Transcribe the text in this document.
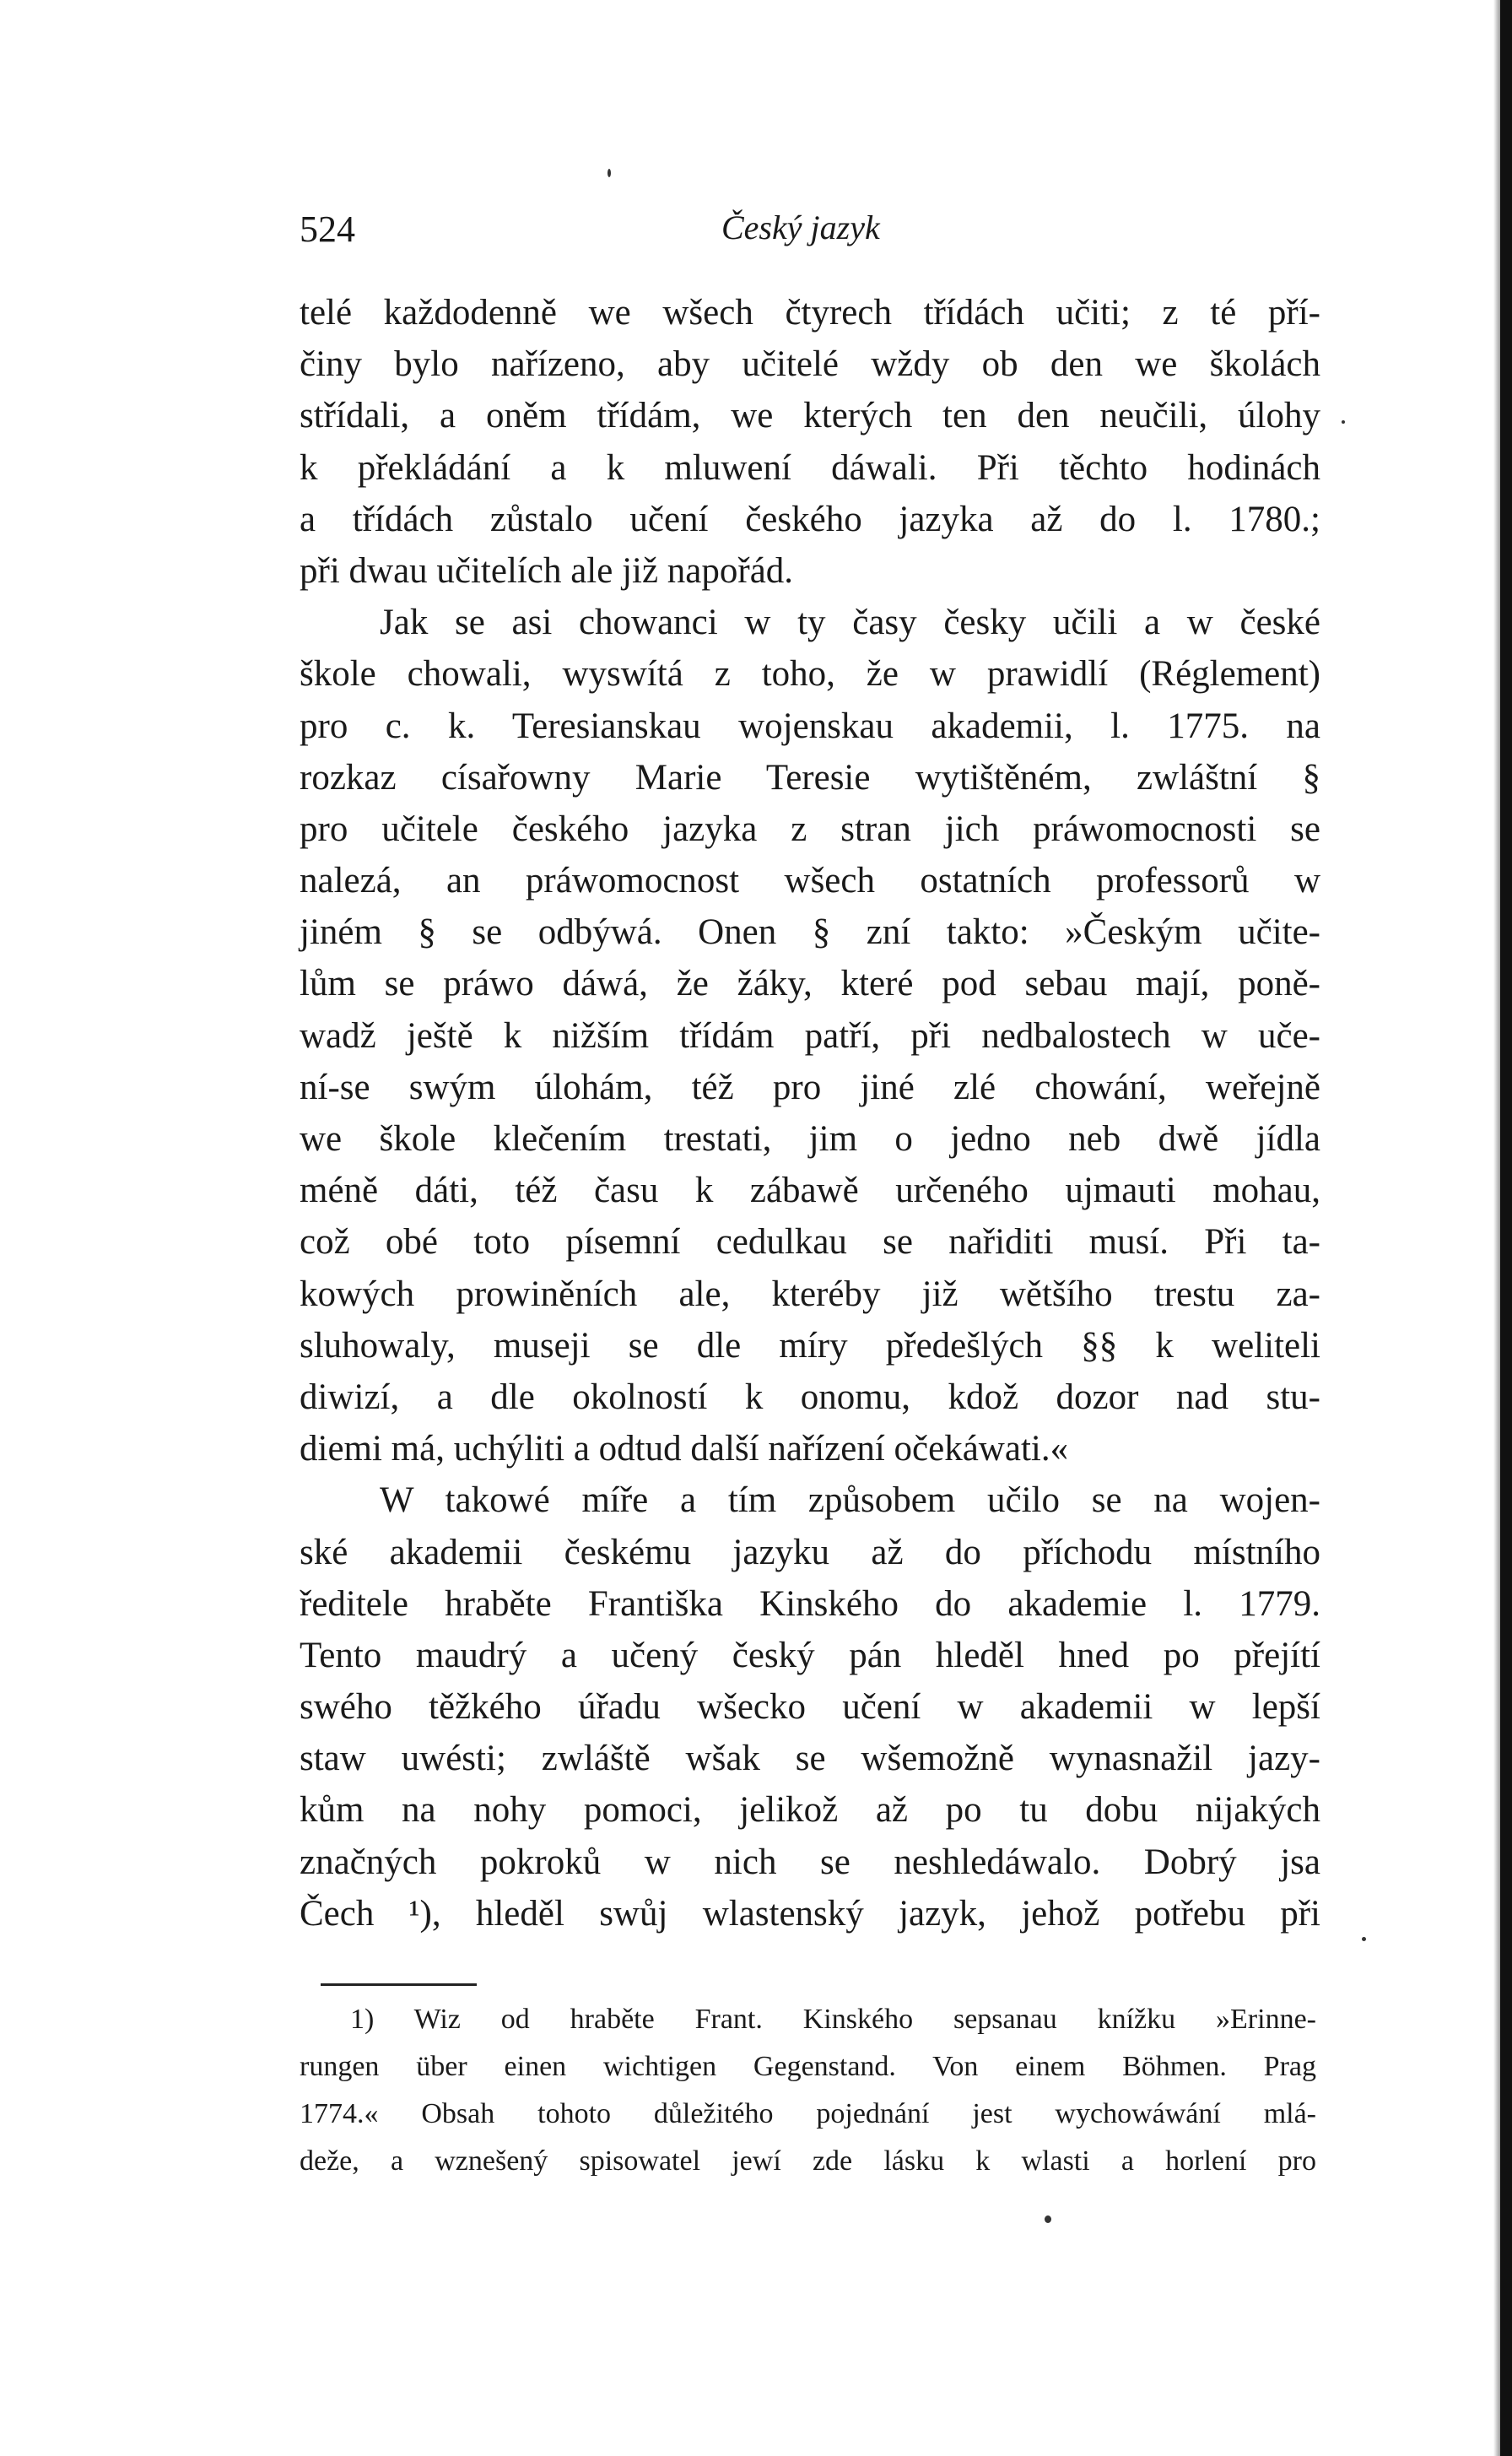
524	Český jazyk
telé každodenně we wšech čtyrech třídách učiti; z té pří-
činy bylo nařízeno, aby učitelé wždy ob den we školách
střídali, a oněm třídám, we kterých ten den neučili, úlohy
k překládání a k mluwení dáwali. Při těchto hodinách
a třídách zůstalo učení českého jazyka až do l. 1780.;
při dwau učitelích ale již napořád.
Jak se asi chowanci w ty časy česky učili a w české
škole chowali, wyswítá z toho, že w prawidlí (Réglement)
pro c. k. Teresianskau wojenskau akademii, l. 1775. na
rozkaz císařowny Marie Teresie wytištěném, zwláštní §
pro učitele českého jazyka z stran jich práwomocnosti se
nalezá, an práwomocnost wšech ostatních professorů w
jiném § se odbýwá. Onen § zní takto: »Českým učite-
lům se práwo dáwá, že žáky, které pod sebau mají, poně-
wadž ještě k nižším třídám patří, při nedbalostech w uče-
ní-se swým úlohám, též pro jiné zlé chowání, weřejně
we škole klečením trestati, jim o jedno neb dwě jídla
méně dáti, též času k zábawě určeného ujmauti mohau,
což obé toto písemní cedulkau se nařiditi musí. Při ta-
kowých prowiněních ale, kteréby již wětšího trestu za-
sluhowaly, museji se dle míry předešlých §§ k weliteli
diwizí, a dle okolností k onomu, kdož dozor nad stu-
diemi má, uchýliti a odtud další nařízení očekáwati.«
W takowé míře a tím způsobem učilo se na wojen-
ské akademii českému jazyku až do příchodu místního
ředitele hraběte Františka Kinského do akademie l. 1779.
Tento maudrý a učený český pán hleděl hned po přejítí
swého těžkého úřadu wšecko učení w akademii w lepší
staw uwésti; zwláště wšak se wšemožně wynasnažil jazy-
kům na nohy pomoci, jelikož až po tu dobu nijakých
značných pokroků w nich se neshledáwalo. Dobrý jsa
Čech ¹), hleděl swůj wlastenský jazyk, jehož potřebu při
1) Wiz od hraběte Frant. Kinského sepsanau knížku »Erinne-
rungen über einen wichtigen Gegenstand. Von einem Böhmen. Prag
1774.« Obsah tohoto důležitého pojednání jest wychowáwání mlá-
deže, a wznešený spisowatel jewí zde lásku k wlasti a horlení pro
